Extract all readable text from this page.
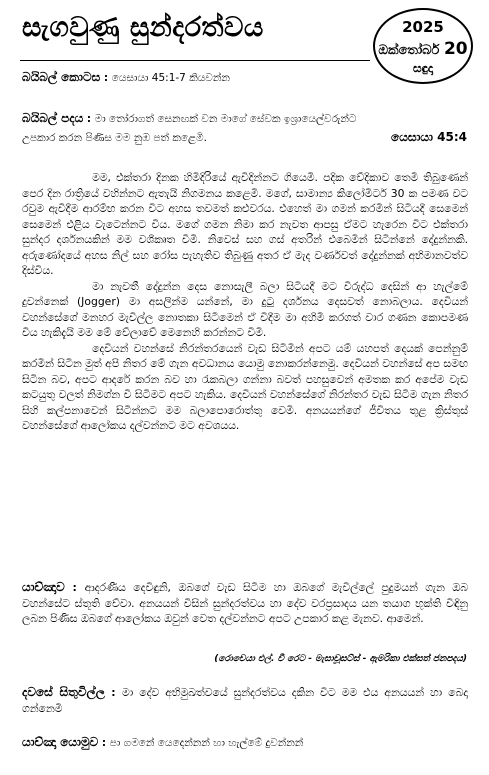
සැගවුණු සුන්දරත්වය	2025
ඔක්තෝබර් 20
සඳුදා
බයිබල් කොටස : යෙසායා 45:1-7 කියවන්න
බයිබල් පදය : මා තෝරාගත් සෙනඟක් වන මාගේ සේවක ඉශ්‍රායෙල්වරුන්ට
උපකාර කරන පිණිස මම නුඹ පත් කළෙමි.	යෙසායා 45:4

මම, එක්තරා දිනක හිමිදිරියේ ඇවිදින්නට ගියෙමි. පදික වේදිකාව තෙමී තිබුණෙන් පෙර දින රාත්‍රියේ වහින්නට ඇතැයි නිගමනය කළෙමි. මගේ, සාමාන්‍ය කිලෝමීටර් 30 ක පමණ වට රවුම ඇවිදීම ආරම්භ කරන විට අහස තවමත් කළුවරය. එහෙත් මා ගමන් කරමින් සිටියදී සෙමෙන් සෙමෙන් එළිය වැටෙන්නට විය. මගේ ගමන නිමා කර නැවත ආපසු ඒමට හැරෙන විට එක්තරා සුන්දර දර්ශනයකින් මම වශීකෘත වීමි. නිවෙස් සහ ගස් අතරින් එබෙමින් සිටින්නේ දේදුන්නකි. අරුණෝදයේ අහස නිල් සහ රෝස පැහැතිව තිබුණු අතර ඒ මැද වර්ණවත් දේදුන්නක් අභිමානවත්ව දිස්විය.

මා නැවතී දේදුන්න දෙස නොසැලී බලා සිටියදී මට විරුද්ධ දෙසින් ආ හැල්මේ දුවන්නෙක් (Jogger) මා අසලින්ම යන්නේ, මා දුටු දර්ශනය දෙසවත් නොබලාය. දෙවියන් වහන්සේගේ මනහර මැවිල්ල නොතකා සිටීමෙන් ඒ විදීම මා අහිමි කරගත් වාර ගණන කොපමණ විය හැකිදැයි මම මේ වේලාවේ මෙනෙහි කරන්නට වීමි.

දෙවියන් වහන්සේ නිරන්තරයෙන් වැඩ සිටිමින් අපට යම් යහපත් දෙයක් පෙන්නුම් කරමින් සිටින මුත් අපි නිතර මේ ගැන අවධානය යොමු නොකරන්නෙමු. දෙවියන් වහන්සේ අප සමඟ සිටින බව, අපට ආදරේ කරන බව හා රැකබලා ගන්නා බවත් පහසුවෙන් අමතක කර අපේම වැඩ කටයුතු වලත් නිමග්න වී සිටීමට අපට හැකිය. දෙවියන් වහන්සේගේ නිරන්තර වැඩ සිටීම ගැන නිතර සිහි කල්පනාවෙන් සිටින්නට මම බලාපොරොත්තු වෙමි. අනයයන්ගේ ජීවිතය තුළ ක්‍රිස්තුස් වහන්සේගේ ආලෝකය දල්වන්නට මට අවශයය.

යාච්ඤාව : ආදරණීය දෙවිඳුනි, ඔබගේ වැඩ සිටීම හා ඔබගේ මැවිල්ලේ පුදුමයන් ගැන ඔබ වහන්සේට ස්තූති වේවා. අනයයන් විසින් සුන්දරත්වය හා දේව වරප්‍රසාදය යන තයාග භුක්ති විඳිනු ලබන පිණිස ඔබගේ ආලෝකය ඔවුන් වෙත දල්වන්නට අපට උපකාර කළ මැනව. ආමෙන්.

(රොචෙයා එල්. වී රෙට - මැසාචූසට්ස් - ඇමරිකා එක්සත් ජනපදය)

දවසේ සිතුවිල්ල : මා දේව අභිමුඛත්වයේ සුන්දරත්වය දකින විට මම එය අනයයන් හා බෙදා ගන්නෙමි

යාච්ඤා යොමුව : පා ගමනේ යෙදෙන්නන් හා හැල්මේ දුවන්නන්
